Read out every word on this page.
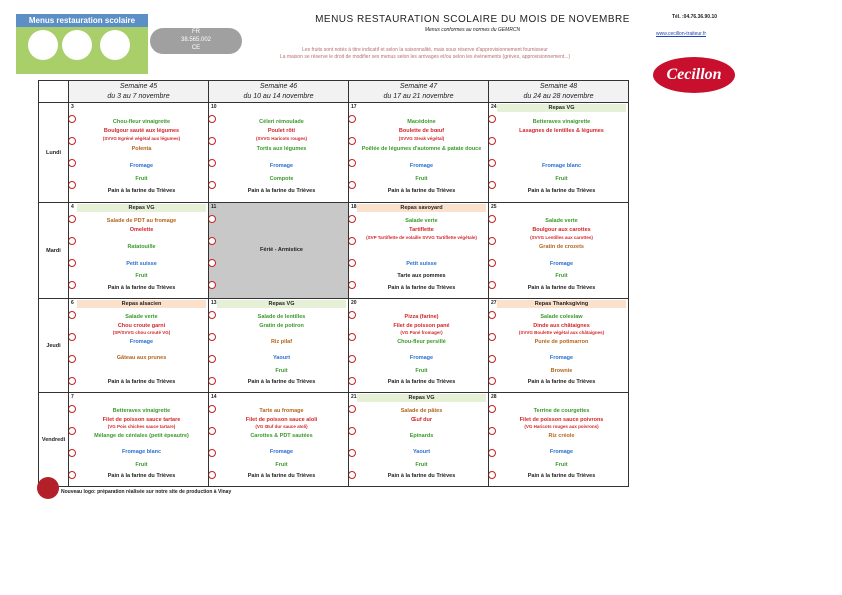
Menus restauration scolaire
FR
38.565.002
CE
MENUS RESTAURATION SCOLAIRE DU MOIS DE NOVEMBRE
Menus conformes au normes du GEMRCN
Les fruits sont notés à titre indicatif et selon la saisonnalité, mais sous réserve d'approvisionnement fournisseur
La maison se réserve le droit de modifier ses menus selon les arrivages et/ou selon les évènements (grèves, approvisionnement...)
Tél. :04.76.36.90.10
www.cecillon-traiteur.fr
Cecillon
Semaine 45
du 3 au 7 novembre
Semaine 46
du 10 au 14 novembre
Semaine 47
du 17 au 21 novembre
Semaine 48
du 24 au 28 novembre
Lundi
3
Chou-fleur vinaigrette
Boulgour sauté aux légumes
(SVVG Egréné végétal aux légumes)
Polenta
Fromage
Fruit
Pain à la farine du Trièves
10
Céleri rémoulade
Poulet rôti
(SVVG Haricots rouges)
Tortis aux légumes
Fromage
Compote
Pain à la farine du Trièves
17
Macédoine
Boulette de bœuf
(SVVG Steak végétal)
Poêlée de légumes d'automne & patate douce
Fromage
Fruit
Pain à la farine du Trièves
24	Repas VG
Betteraves vinaigrette
Lasagnes de lentilles & légumes
Fromage blanc
Fruit
Pain à la farine du Trièves
Mardi
4	Repas VG
Salade de PDT au fromage
Omelette
Ratatouille
Petit suisse
Fruit
Pain à la farine du Trièves
11
Férié - Armistice
18	Repas savoyard
Salade verte
Tartiflette
(SVP Tartiflette de volaille SVVG Tartiflette végétale)
Petit suisse
Tarte aux pommes
Pain à la farine du Trièves
25
Salade verte
Boulgour aux carottes
(SVVG Lentilles aux carottes)
Gratin de crozets
Fromage
Fruit
Pain à la farine du Trièves
Jeudi
6	Repas alsacien
Salade verte
Chou croute garni
(SP/SVVG chou crouté VG)
Fromage
Gâteau aux prunes
Pain à la farine du Trièves
13	Repas VG
Salade de lentilles
Gratin de potiron
Riz pilaf
Yaourt
Fruit
Pain à la farine du Trièves
20
Pizza (farine)
Filet de poisson pané
(VG Pané fromager)
Chou-fleur persillé
Fromage
Fruit
Pain à la farine du Trièves
27	Repas Thanksgiving
Salade coleslaw
Dinde aux châtaignes
(SVVG Boulette végétal aux châtaignes)
Purée de potimarron
Fromage
Brownie
Pain à la farine du Trièves
Vendredi
7
Betteraves vinaigrette
Filet de poisson sauce tartare
(VG Pois chiches sauce tartare)
Mélange de céréales (petit épeautre)
Fromage blanc
Fruit
Pain à la farine du Trièves
14
Tarte au fromage
Filet de poisson sauce aïoli
(VG Œuf dur sauce aïoli)
Carottes & PDT sautées
Fromage
Fruit
Pain à la farine du Trièves
21	Repas VG
Salade de pâtes
Œuf dur
Epinards
Yaourt
Fruit
Pain à la farine du Trièves
28
Terrine de courgettes
Filet de poisson sauce poivrons
(VG Haricots rouges aux poivrons)
Riz créole
Fromage
Fruit
Pain à la farine du Trièves
Nouveau logo: préparation réalisée sur notre site de production à Vinay
